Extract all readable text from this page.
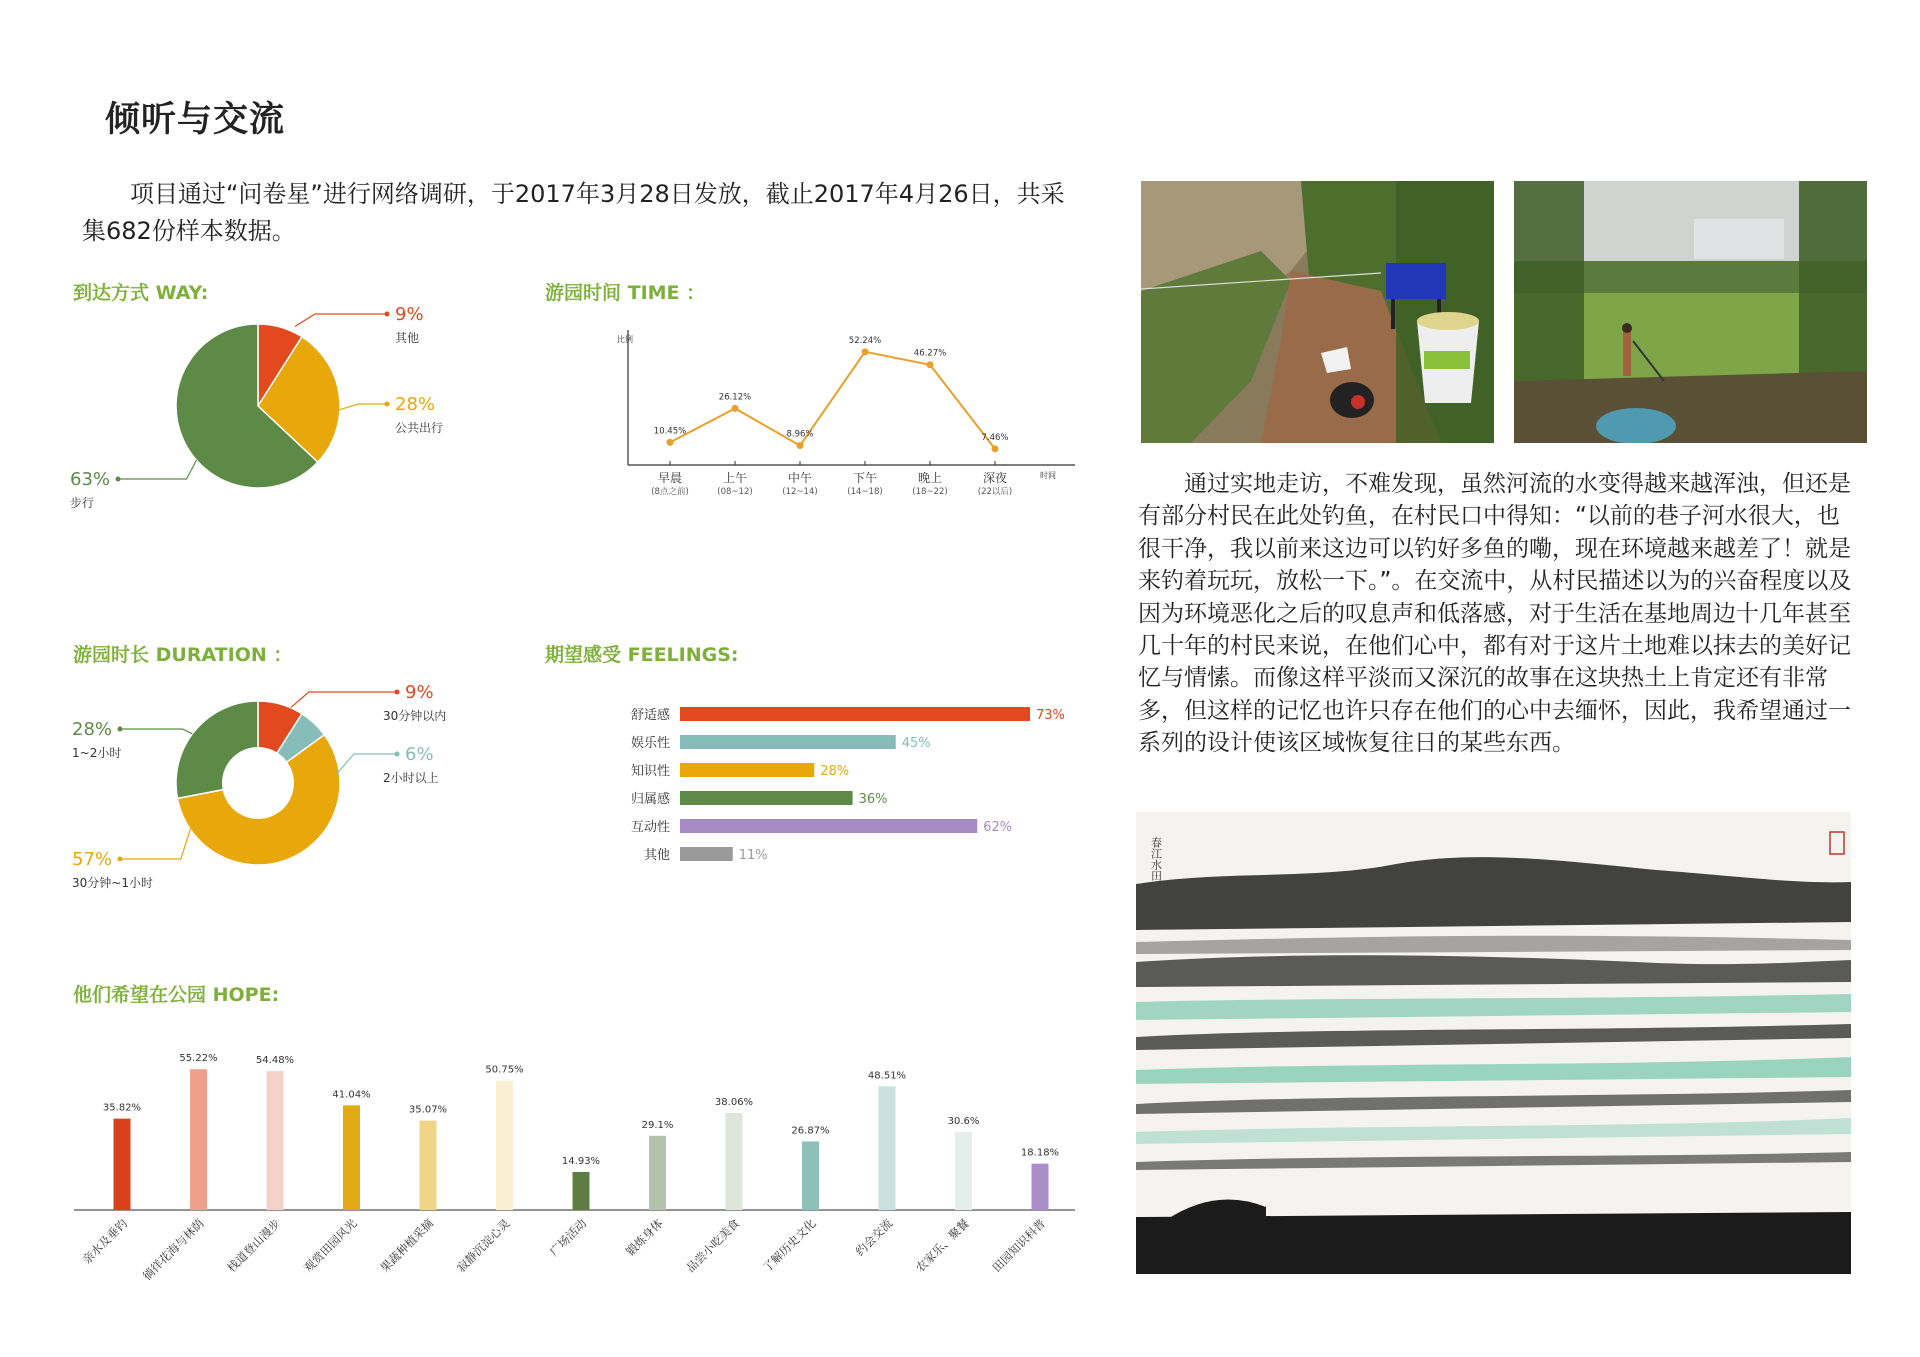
倾听与交流

项目通过“问卷星”进行网络调研，于2017年3月28日发放，截止2017年4月26日，共采集682份样本数据。

到达方式 WAY:
9%
其他
28%
公共出行
63%
步行
游园时间 TIME ：
比例
时间
10.45%
早晨
(8点之前)
26.12%
上午
(08~12)
8.96%
中午
(12~14)
52.24%
下午
(14~18)
46.27%
晚上
(18~22)
7.46%
深夜
(22以后)
游园时长 DURATION ：
9%
30分钟以内
6%
2小时以上
57%
30分钟~1小时
28%
1~2小时
期望感受 FEELINGS:
舒适感	73%
娱乐性	45%
知识性	28%
归属感	36%
互动性	62%
其他	11%
他们希望在公园 HOPE:
35.82%
亲水及垂钓
55.22%
徜徉花海与林荫
54.48%
栈道登山漫步
41.04%
观赏田园风光
35.07%
果蔬种植采摘
50.75%
寂静沉淀心灵
14.93%
广场活动
29.1%
锻炼身体
38.06%
品尝小吃美食
26.87%
了解历史文化
48.51%
约会交流
30.6%
农家乐、聚餐
18.18%
田园知识科普

通过实地走访，不难发现，虽然河流的水变得越来越浑浊，但还是有部分村民在此处钓鱼，在村民口中得知：“以前的巷子河水很大，也很干净，我以前来这边可以钓好多鱼的嘞，现在环境越来越差了！就是来钓着玩玩，放松一下。”。在交流中，从村民描述以为的兴奋程度以及因为环境恶化之后的叹息声和低落感，对于生活在基地周边十几年甚至几十年的村民来说，在他们心中，都有对于这片土地难以抹去的美好记忆与情愫。而像这样平淡而又深沉的故事在这块热土上肯定还有非常多，但这样的记忆也许只存在他们的心中去缅怀，因此，我希望通过一系列的设计使该区域恢复往日的某些东西。

春江水田
